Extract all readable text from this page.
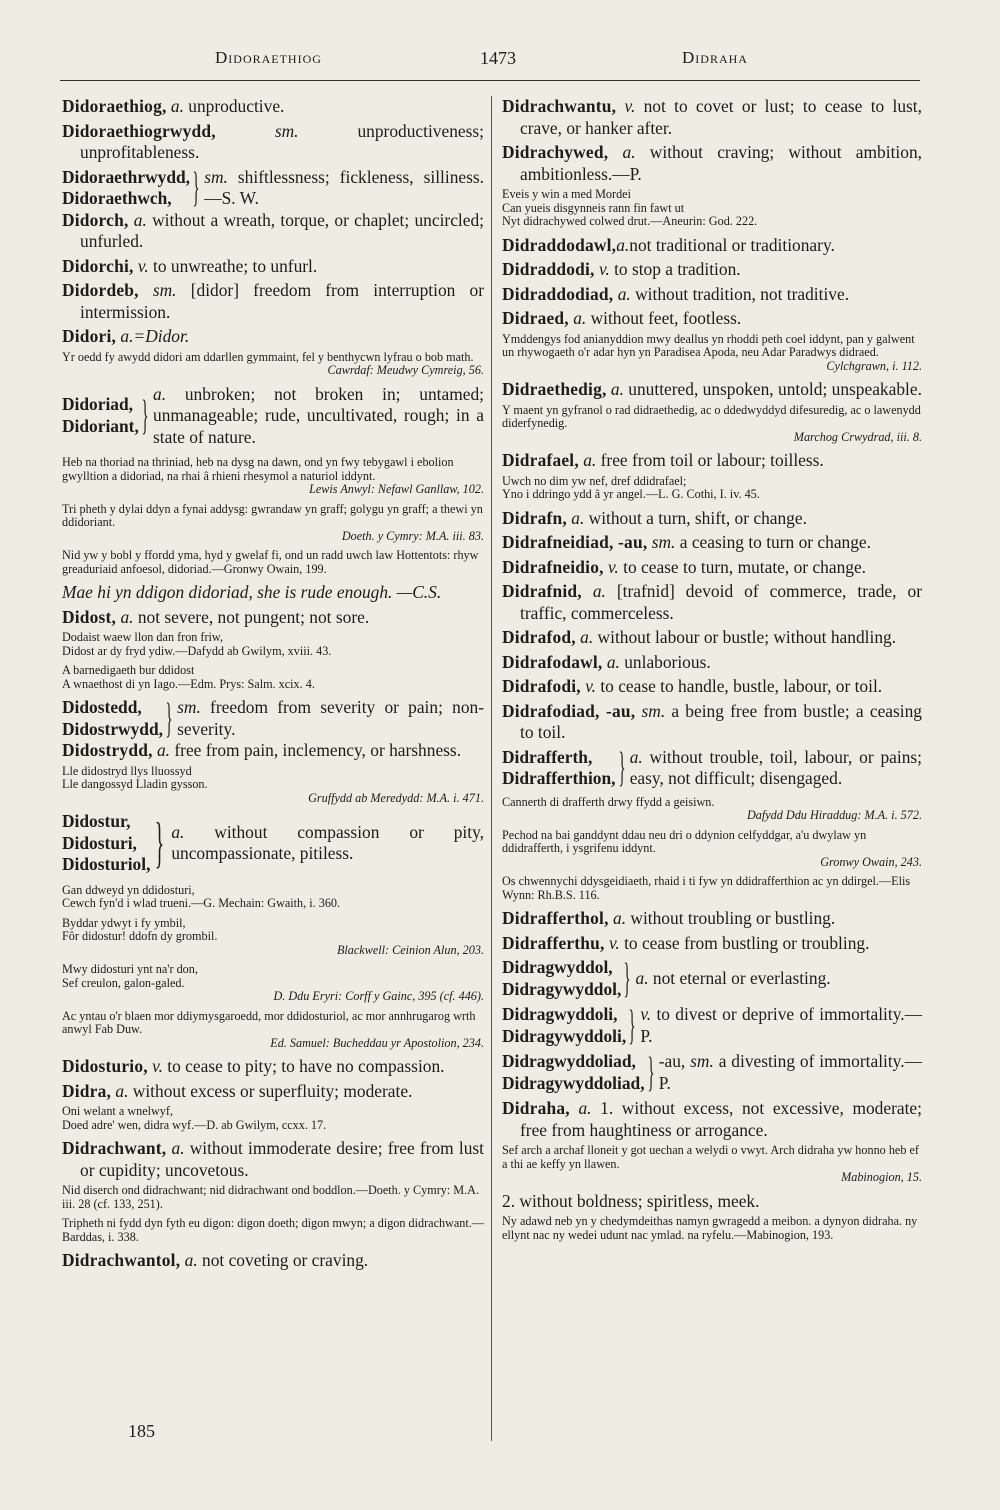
Didoraethiog	1473	Didraha

Didoraethiog, a. unproductive.

Didoraethiogrwydd,	sm. unproductiveness; unprofitableness.

Didoraethrwydd,
Didoraethwch, } sm. shiftlessness; fickleness, silliness.—S. W.

Didorch, a. without a wreath, torque, or chaplet; uncircled; unfurled.

Didorchi, v. to unwreathe; to unfurl.

Didordeb, sm. [didor] freedom from interruption or intermission.

Didori, a.=Didor.

Yr oedd fy awydd didori am ddarllen gymmaint, fel y benthycwn lyfrau o bob math.
Cawrdaf: Meudwy Cymreig, 56.
Didoriad,
Didoriant, } a. unbroken; not broken in; untamed; unmanageable; rude, uncultivated, rough; in a state of nature.
Heb na thoriad na thriniad, heb na dysg na dawn, ond yn fwy tebygawl i ebolion gwylltion a didoriad, na rhai â rhieni rhesymol a naturiol iddynt.
Lewis Anwyl: Nefawl Ganllaw, 102.
Tri pheth y dylai ddyn a fynai addysg: gwrandaw yn graff; golygu yn graff; a thewi yn ddidoriant.
Doeth. y Cymry: M.A. iii. 83.
Nid yw y bobl y ffordd yma, hyd y gwelaf fi, ond un radd uwch law Hottentots: rhyw greaduriaid anfoesol, didoriad.—Gronwy Owain, 199.

Mae hi yn ddigon didoriad, she is rude enough. —C.S.

Didost, a. not severe, not pungent; not sore.

Dodaist waew llon dan fron friw,
Didost ar dy fryd ydiw.—Dafydd ab Gwilym, xviii. 43.
A barnedigaeth bur ddidost
A wnaethost di yn Iago.—Edm. Prys: Salm. xcix. 4.
Didostedd,
Didostrwydd, } sm. freedom from severity or pain; non-severity.

Didostrydd, a. free from pain, inclemency, or harshness.

Lle didostryd llys lluossyd
Lle dangossyd Lladin gysson.
Gruffydd ab Meredydd: M.A. i. 471.
Didostur,
Didosturi,
Didosturiol, } a. without compassion or pity, uncompassionate, pitiless.
Gan ddweyd yn ddidosturi,
Cewch fyn'd i wlad trueni.—G. Mechain: Gwaith, i. 360.
Byddar ydwyt i fy ymbil,
Fôr didostur! ddofn dy grombil.
Blackwell: Ceinion Alun, 203.
Mwy didosturi ynt na'r don,
Sef creulon, galon-galed.
D. Ddu Eryri: Corff y Gainc, 395 (cf. 446).
Ac yntau o'r blaen mor ddiymysgaroedd, mor ddidosturiol, ac mor annhrugarog wrth anwyl Fab Duw.
Ed. Samuel: Bucheddau yr Apostolion, 234.

Didosturio, v. to cease to pity; to have no compassion.

Didra, a. without excess or superfluity; moderate.

Oni welant a wnelwyf,
Doed adre' wen, didra wyf.—D. ab Gwilym, ccxx. 17.

Didrachwant, a. without immoderate desire; free from lust or cupidity; uncovetous.

Nid diserch ond didrachwant; nid didrachwant ond boddlon.—Doeth. y Cymry: M.A. iii. 28 (cf. 133, 251).
Tripheth ni fydd dyn fyth eu digon: digon doeth; digon mwyn; a digon didrachwant.—Barddas, i. 338.

Didrachwantol, a. not coveting or craving.

Didrachwantu, v. not to covet or lust; to cease to lust, crave, or hanker after.

Didrachywed, a. without craving; without ambition, ambitionless.—P.

Eveis y win a med Mordei
Can yueis disgynneis rann fin fawt ut
Nyt didrachywed colwed drut.—Aneurin: God. 222.

Didraddodawl,a.not traditional or traditionary.

Didraddodi, v. to stop a tradition.

Didraddodiad, a. without tradition, not traditive.

Didraed, a. without feet, footless.

Ymddengys fod anianyddion mwy deallus yn rhoddi peth coel iddynt, pan y galwent un rhywogaeth o'r adar hyn yn Paradisea Apoda, neu Adar Paradwys didraed.
Cylchgrawn, i. 112.

Didraethedig, a. unuttered, unspoken, untold; unspeakable.

Y maent yn gyfranol o rad didraethedig, ac o ddedwyddyd difesuredig, ac o lawenydd diderfynedig.
Marchog Crwydrad, iii. 8.

Didrafael, a. free from toil or labour; toilless.

Uwch no dim yw nef, dref ddidrafael;
Yno i ddringo ydd â yr angel.—L. G. Cothi, I. iv. 45.

Didrafn, a. without a turn, shift, or change.

Didrafneidiad, -au, sm. a ceasing to turn or change.

Didrafneidio, v. to cease to turn, mutate, or change.

Didrafnid, a. [trafnid] devoid of commerce, trade, or traffic, commerceless.

Didrafod, a. without labour or bustle; without handling.

Didrafodawl, a. unlaborious.

Didrafodi, v. to cease to handle, bustle, labour, or toil.

Didrafodiad, -au, sm. a being free from bustle; a ceasing to toil.

Didrafferth,
Didrafferthion, } a. without trouble, toil, labour, or pains; easy, not difficult; disengaged.
Cannerth di drafferth drwy ffydd a geisiwn.
Dafydd Ddu Hiraddug: M.A. i. 572.
Pechod na bai ganddynt ddau neu dri o ddynion celfyddgar, a'u dwylaw yn ddidrafferth, i ysgrifenu iddynt.
Gronwy Owain, 243.
Os chwennychi ddysgeidiaeth, rhaid i ti fyw yn ddidrafferthion ac yn ddirgel.—Elis Wynn: Rh.B.S. 116.

Didrafferthol, a. without troubling or bustling.

Didrafferthu, v. to cease from bustling or troubling.

Didragwyddol,
Didragywyddol, } a. not eternal or everlasting.
Didragwyddoli,
Didragywyddoli, } v. to divest or deprive of immortality.—P.
Didragwyddoliad,
Didragywyddoliad, } -au, sm. a divesting of immortality.—P.

Didraha, a. 1. without excess, not excessive, moderate; free from haughtiness or arrogance.

Sef arch a archaf lloneit y got uechan a welydi o vwyt. Arch didraha yw honno heb ef a thi ae keffy yn llawen.
Mabinogion, 15.

2. without boldness; spiritless, meek.

Ny adawd neb yn y chedymdeithas namyn gwragedd a meibon. a dynyon didraha. ny ellynt nac ny wedei udunt nac ymlad. na ryfelu.—Mabinogion, 193.
185
